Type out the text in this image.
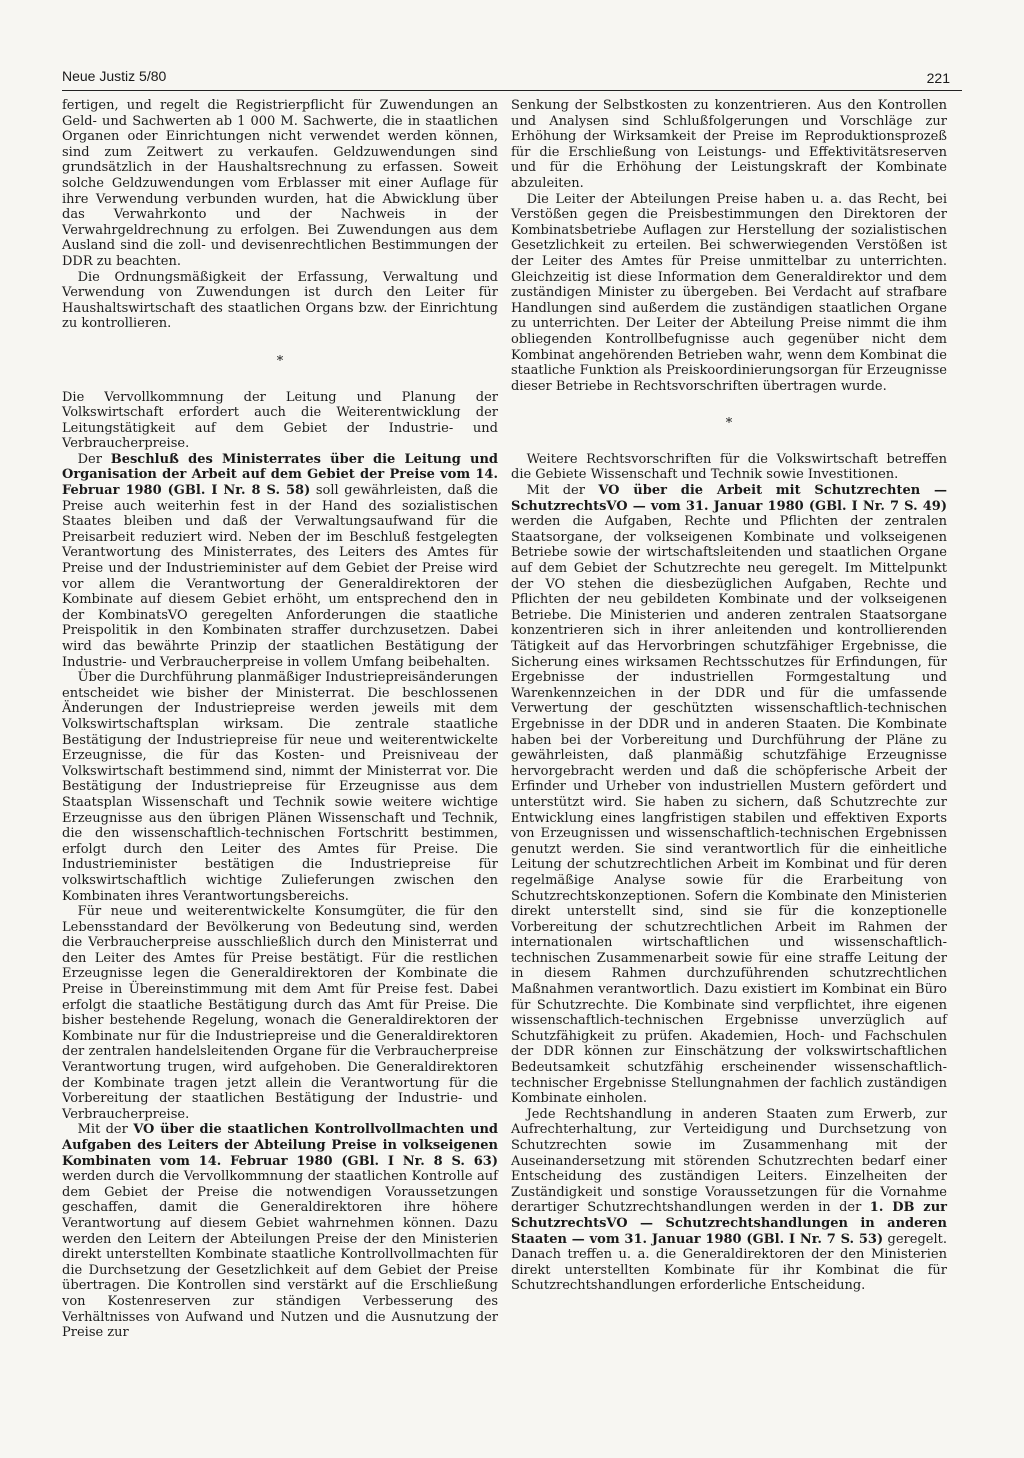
Neue Justiz 5/80	221

fertigen, und regelt die Registrierpflicht für Zuwendungen an Geld- und Sachwerten ab 1 000 M. Sachwerte, die in staatlichen Organen oder Einrichtungen nicht verwendet werden können, sind zum Zeitwert zu verkaufen. Geldzuwendungen sind grundsätzlich in der Haushaltsrechnung zu erfassen. Soweit solche Geldzuwendungen vom Erblasser mit einer Auflage für ihre Verwendung verbunden wurden, hat die Abwicklung über das Verwahrkonto und der Nachweis in der Verwahrgeldrechnung zu erfolgen. Bei Zuwendungen aus dem Ausland sind die zoll- und devisenrechtlichen Bestimmungen der DDR zu beachten.

Die Ordnungsmäßigkeit der Erfassung, Verwaltung und Verwendung von Zuwendungen ist durch den Leiter für Haushaltswirtschaft des staatlichen Organs bzw. der Einrichtung zu kontrollieren.

*

Die Vervollkommnung der Leitung und Planung der Volkswirtschaft erfordert auch die Weiterentwicklung der Leitungstätigkeit auf dem Gebiet der Industrie- und Verbraucherpreise.

Der Beschluß des Ministerrates über die Leitung und Organisation der Arbeit auf dem Gebiet der Preise vom 14. Februar 1980 (GBl. I Nr. 8 S. 58) soll gewährleisten, daß die Preise auch weiterhin fest in der Hand des sozialistischen Staates bleiben und daß der Verwaltungsaufwand für die Preisarbeit reduziert wird. Neben der im Beschluß festgelegten Verantwortung des Ministerrates, des Leiters des Amtes für Preise und der Industrieminister auf dem Gebiet der Preise wird vor allem die Verantwortung der Generaldirektoren der Kombinate auf diesem Gebiet erhöht, um entsprechend den in der KombinatsVO geregelten Anforderungen die staatliche Preispolitik in den Kombinaten straffer durchzusetzen. Dabei wird das bewährte Prinzip der staatlichen Bestätigung der Industrie- und Verbraucherpreise in vollem Umfang beibehalten.

Über die Durchführung planmäßiger Industriepreisänderungen entscheidet wie bisher der Ministerrat. Die beschlossenen Änderungen der Industriepreise werden jeweils mit dem Volkswirtschaftsplan wirksam. Die zentrale staatliche Bestätigung der Industriepreise für neue und weiterentwickelte Erzeugnisse, die für das Kosten- und Preisniveau der Volkswirtschaft bestimmend sind, nimmt der Ministerrat vor. Die Bestätigung der Industriepreise für Erzeugnisse aus dem Staatsplan Wissenschaft und Technik sowie weitere wichtige Erzeugnisse aus den übrigen Plänen Wissenschaft und Technik, die den wissenschaftlich-technischen Fortschritt bestimmen, erfolgt durch den Leiter des Amtes für Preise. Die Industrieminister bestätigen die Industriepreise für volkswirtschaftlich wichtige Zulieferungen zwischen den Kombinaten ihres Verantwortungsbereichs.

Für neue und weiterentwickelte Konsumgüter, die für den Lebensstandard der Bevölkerung von Bedeutung sind, werden die Verbraucherpreise ausschließlich durch den Ministerrat und den Leiter des Amtes für Preise bestätigt. Für die restlichen Erzeugnisse legen die Generaldirektoren der Kombinate die Preise in Übereinstimmung mit dem Amt für Preise fest. Dabei erfolgt die staatliche Bestätigung durch das Amt für Preise. Die bisher bestehende Regelung, wonach die Generaldirektoren der Kombinate nur für die Industriepreise und die Generaldirektoren der zentralen handelsleitenden Organe für die Verbraucherpreise Verantwortung trugen, wird aufgehoben. Die Generaldirektoren der Kombinate tragen jetzt allein die Verantwortung für die Vorbereitung der staatlichen Bestätigung der Industrie- und Verbraucherpreise.

Mit der VO über die staatlichen Kontrollvollmachten und Aufgaben des Leiters der Abteilung Preise in volkseigenen Kombinaten vom 14. Februar 1980 (GBl. I Nr. 8 S. 63) werden durch die Vervollkommnung der staatlichen Kontrolle auf dem Gebiet der Preise die notwendigen Voraussetzungen geschaffen, damit die Generaldirektoren ihre höhere Verantwortung auf diesem Gebiet wahrnehmen können. Dazu werden den Leitern der Abteilungen Preise der den Ministerien direkt unterstellten Kombinate staatliche Kontrollvollmachten für die Durchsetzung der Gesetzlichkeit auf dem Gebiet der Preise übertragen. Die Kontrollen sind verstärkt auf die Erschließung von Kostenreserven zur ständigen Verbesserung des Verhältnisses von Aufwand und Nutzen und die Ausnutzung der Preise zur

Senkung der Selbstkosten zu konzentrieren. Aus den Kontrollen und Analysen sind Schlußfolgerungen und Vorschläge zur Erhöhung der Wirksamkeit der Preise im Reproduktionsprozeß für die Erschließung von Leistungs- und Effektivitätsreserven und für die Erhöhung der Leistungskraft der Kombinate abzuleiten.

Die Leiter der Abteilungen Preise haben u. a. das Recht, bei Verstößen gegen die Preisbestimmungen den Direktoren der Kombinatsbetriebe Auflagen zur Herstellung der sozialistischen Gesetzlichkeit zu erteilen. Bei schwerwiegenden Verstößen ist der Leiter des Amtes für Preise unmittelbar zu unterrichten. Gleichzeitig ist diese Information dem Generaldirektor und dem zuständigen Minister zu übergeben. Bei Verdacht auf strafbare Handlungen sind außerdem die zuständigen staatlichen Organe zu unterrichten. Der Leiter der Abteilung Preise nimmt die ihm obliegenden Kontrollbefugnisse auch gegenüber nicht dem Kombinat angehörenden Betrieben wahr, wenn dem Kombinat die staatliche Funktion als Preiskoordinierungsorgan für Erzeugnisse dieser Betriebe in Rechtsvorschriften übertragen wurde.

*

Weitere Rechtsvorschriften für die Volkswirtschaft betreffen die Gebiete Wissenschaft und Technik sowie Investitionen.

Mit der VO über die Arbeit mit Schutzrechten — SchutzrechtsVO — vom 31. Januar 1980 (GBl. I Nr. 7 S. 49) werden die Aufgaben, Rechte und Pflichten der zentralen Staatsorgane, der volkseigenen Kombinate und volkseigenen Betriebe sowie der wirtschaftsleitenden und staatlichen Organe auf dem Gebiet der Schutzrechte neu geregelt. Im Mittelpunkt der VO stehen die diesbezüglichen Aufgaben, Rechte und Pflichten der neu gebildeten Kombinate und der volkseigenen Betriebe. Die Ministerien und anderen zentralen Staatsorgane konzentrieren sich in ihrer anleitenden und kontrollierenden Tätigkeit auf das Hervorbringen schutzfähiger Ergebnisse, die Sicherung eines wirksamen Rechtsschutzes für Erfindungen, für Ergebnisse der industriellen Formgestaltung und Warenkennzeichen in der DDR und für die umfassende Verwertung der geschützten wissenschaftlich-technischen Ergebnisse in der DDR und in anderen Staaten. Die Kombinate haben bei der Vorbereitung und Durchführung der Pläne zu gewährleisten, daß planmäßig schutzfähige Erzeugnisse hervorgebracht werden und daß die schöpferische Arbeit der Erfinder und Urheber von industriellen Mustern gefördert und unterstützt wird. Sie haben zu sichern, daß Schutzrechte zur Entwicklung eines langfristigen stabilen und effektiven Exports von Erzeugnissen und wissenschaftlich-technischen Ergebnissen genutzt werden. Sie sind verantwortlich für die einheitliche Leitung der schutzrechtlichen Arbeit im Kombinat und für deren regelmäßige Analyse sowie für die Erarbeitung von Schutzrechtskonzeptionen. Sofern die Kombinate den Ministerien direkt unterstellt sind, sind sie für die konzeptionelle Vorbereitung der schutzrechtlichen Arbeit im Rahmen der internationalen wirtschaftlichen und wissenschaftlich-technischen Zusammenarbeit sowie für eine straffe Leitung der in diesem Rahmen durchzuführenden schutzrechtlichen Maßnahmen verantwortlich. Dazu existiert im Kombinat ein Büro für Schutzrechte. Die Kombinate sind verpflichtet, ihre eigenen wissenschaftlich-technischen Ergebnisse unverzüglich auf Schutzfähigkeit zu prüfen. Akademien, Hoch- und Fachschulen der DDR können zur Einschätzung der volkswirtschaftlichen Bedeutsamkeit schutzfähig erscheinender wissenschaftlich-technischer Ergebnisse Stellungnahmen der fachlich zuständigen Kombinate einholen.

Jede Rechtshandlung in anderen Staaten zum Erwerb, zur Aufrechterhaltung, zur Verteidigung und Durchsetzung von Schutzrechten sowie im Zusammenhang mit der Auseinandersetzung mit störenden Schutzrechten bedarf einer Entscheidung des zuständigen Leiters. Einzelheiten der Zuständigkeit und sonstige Voraussetzungen für die Vornahme derartiger Schutzrechtshandlungen werden in der 1. DB zur SchutzrechtsVO — Schutzrechtshandlungen in anderen Staaten — vom 31. Januar 1980 (GBl. I Nr. 7 S. 53) geregelt. Danach treffen u. a. die Generaldirektoren der den Ministerien direkt unterstellten Kombinate für ihr Kombinat die für Schutzrechtshandlungen erforderliche Entscheidung.
